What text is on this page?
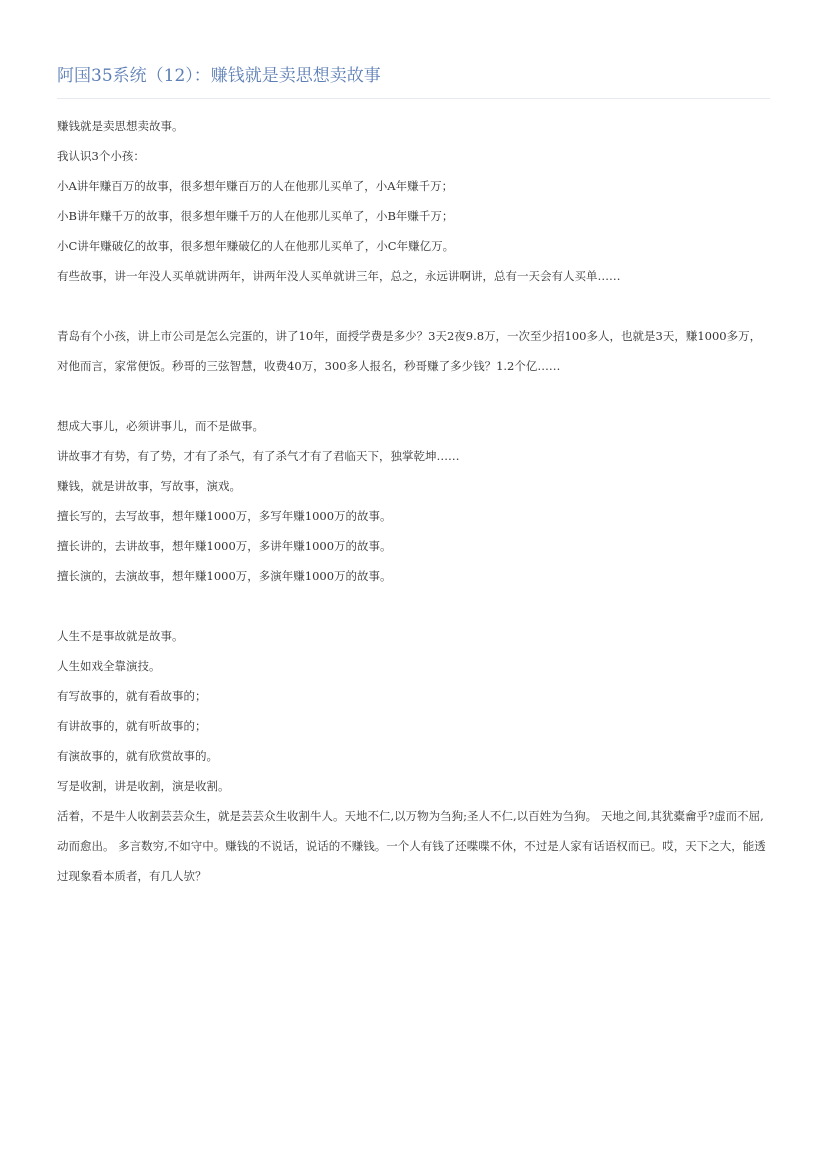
阿国35系统（12）：赚钱就是卖思想卖故事

赚钱就是卖思想卖故事。

我认识3个小孩：

小A讲年赚百万的故事，很多想年赚百万的人在他那儿买单了，小A年赚千万；

小B讲年赚千万的故事，很多想年赚千万的人在他那儿买单了，小B年赚千万；

小C讲年赚破亿的故事，很多想年赚破亿的人在他那儿买单了，小C年赚亿万。

有些故事，讲一年没人买单就讲两年，讲两年没人买单就讲三年，总之，永远讲啊讲，总有一天会有人买单……

青岛有个小孩，讲上市公司是怎么完蛋的，讲了10年，面授学费是多少？3天2夜9.8万，一次至少招100多人，也就是3天，赚1000多万，对他而言，家常便饭。秒哥的三弦智慧，收费40万，300多人报名，秒哥赚了多少钱？1.2个亿……

想成大事儿，必须讲事儿，而不是做事。

讲故事才有势，有了势，才有了杀气，有了杀气才有了君临天下，独掌乾坤……

赚钱，就是讲故事，写故事，演戏。

擅长写的，去写故事，想年赚1000万，多写年赚1000万的故事。

擅长讲的，去讲故事，想年赚1000万，多讲年赚1000万的故事。

擅长演的，去演故事，想年赚1000万，多演年赚1000万的故事。

人生不是事故就是故事。

人生如戏全靠演技。

有写故事的，就有看故事的；

有讲故事的，就有听故事的；

有演故事的，就有欣赏故事的。

写是收割，讲是收割，演是收割。

活着，不是牛人收割芸芸众生，就是芸芸众生收割牛人。天地不仁,以万物为刍狗;圣人不仁,以百姓为刍狗。 天地之间,其犹橐龠乎?虚而不屈,动而愈出。 多言数穷,不如守中。赚钱的不说话，说话的不赚钱。一个人有钱了还喋喋不休，不过是人家有话语权而已。哎，天下之大，能透过现象看本质者，有几人欤？
